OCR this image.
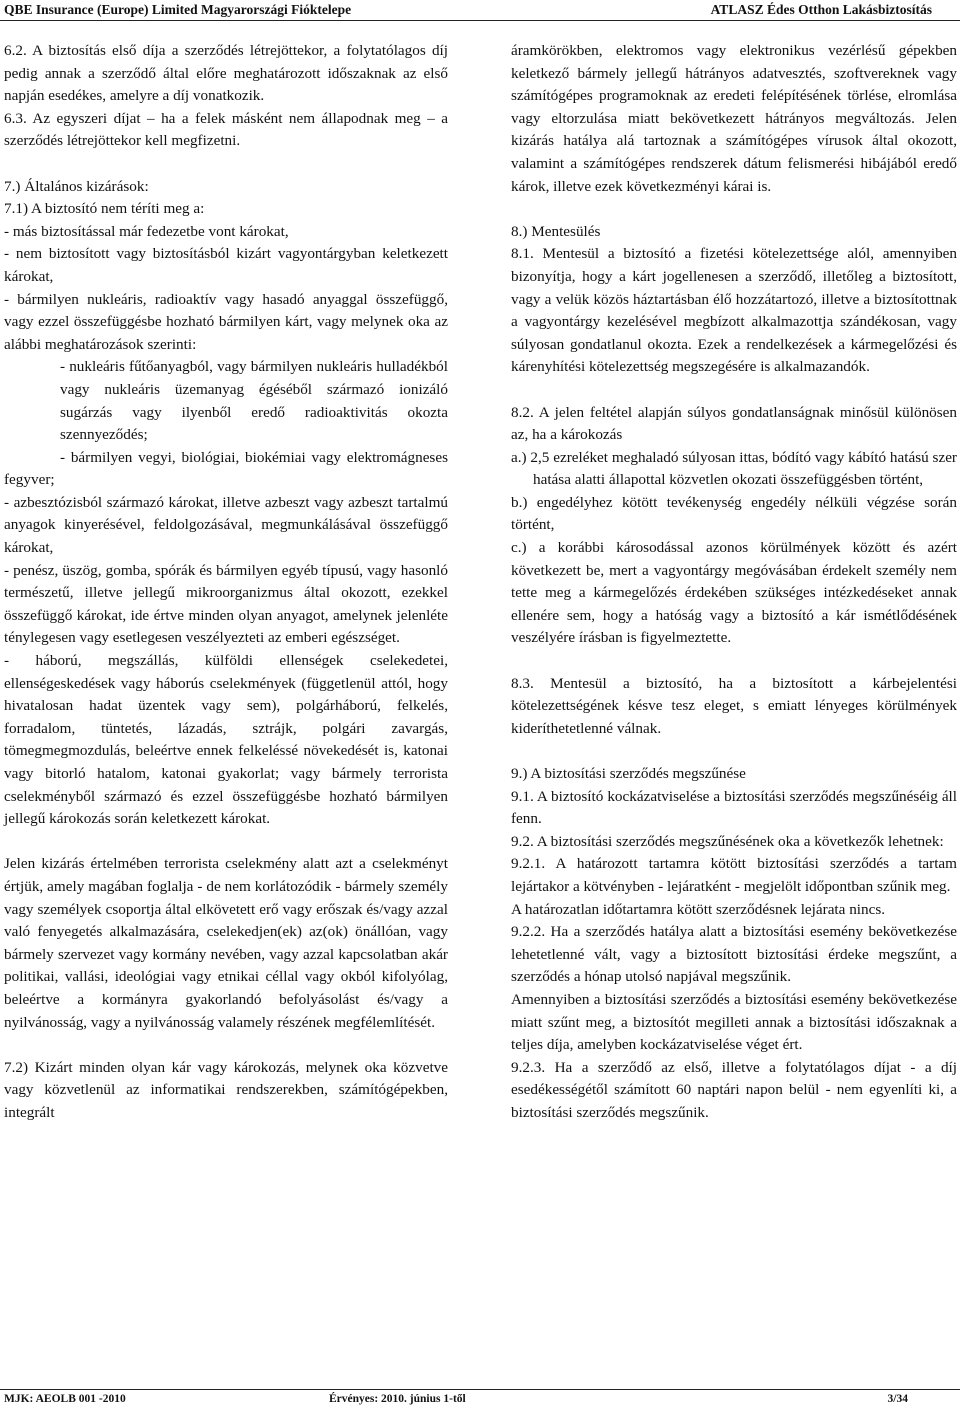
QBE Insurance (Europe) Limited Magyarországi Fióktelepe	ATLASZ Édes Otthon Lakásbiztosítás

6.2. A biztosítás első díja a szerződés létrejöttekor, a folytatólagos díj pedig annak a szerződő által előre meghatározott időszaknak az első napján esedékes, amelyre a díj vonatkozik.

6.3. Az egyszeri díjat – ha a felek másként nem állapodnak meg – a szerződés létrejöttekor kell megfizetni.

7.) Általános kizárások:

7.1) A biztosító nem téríti meg a:

- más biztosítással már fedezetbe vont károkat,

- nem biztosított vagy biztosításból kizárt vagyontárgyban keletkezett károkat,

- bármilyen nukleáris, radioaktív vagy hasadó anyaggal összefüggő, vagy ezzel összefüggésbe hozható bármilyen kárt, vagy melynek oka az alábbi meghatározások szerinti:

- nukleáris fűtőanyagból, vagy bármilyen nukleáris hulladékból vagy nukleáris üzemanyag égéséből származó ionizáló sugárzás vagy ilyenből eredő radioaktivitás okozta szennyeződés;

- bármilyen vegyi, biológiai, biokémiai vagy elektromágneses fegyver;

- azbesztózisból származó károkat, illetve azbeszt vagy azbeszt tartalmú anyagok kinyerésével, feldolgozásával, megmunkálásával összefüggő károkat,

- penész, üszög, gomba, spórák és bármilyen egyéb típusú, vagy hasonló természetű, illetve jellegű mikroorganizmus által okozott, ezekkel összefüggő károkat, ide értve minden olyan anyagot, amelynek jelenléte ténylegesen vagy esetlegesen veszélyezteti az emberi egészséget.

- háború, megszállás, külföldi ellenségek cselekedetei, ellenségeskedések vagy háborús cselekmények (függetlenül attól, hogy hivatalosan hadat üzentek vagy sem), polgárháború, felkelés, forradalom, tüntetés, lázadás, sztrájk, polgári zavargás, tömegmegmozdulás, beleértve ennek felkeléssé növekedését is, katonai vagy bitorló hatalom, katonai gyakorlat; vagy bármely terrorista cselekményből származó és ezzel összefüggésbe hozható bármilyen jellegű károkozás során keletkezett károkat.

Jelen kizárás értelmében terrorista cselekmény alatt azt a cselekményt értjük, amely magában foglalja - de nem korlátozódik - bármely személy vagy személyek csoportja által elkövetett erő vagy erőszak és/vagy azzal való fenyegetés alkalmazására, cselekedjen(ek) az(ok) önállóan, vagy bármely szervezet vagy kormány nevében, vagy azzal kapcsolatban akár politikai, vallási, ideológiai vagy etnikai céllal vagy okból kifolyólag, beleértve a kormányra gyakorlandó befolyásolást és/vagy a nyilvánosság, vagy a nyilvánosság valamely részének megfélemlítését.

7.2) Kizárt minden olyan kár vagy károkozás, melynek oka közvetve vagy közvetlenül az informatikai rendszerekben, számítógépekben, integrált

áramkörökben, elektromos vagy elektronikus vezérlésű gépekben keletkező bármely jellegű hátrányos adatvesztés, szoftvereknek vagy számítógépes programoknak az eredeti felépítésének törlése, elromlása vagy eltorzulása miatt bekövetkezett hátrányos megváltozás. Jelen kizárás hatálya alá tartoznak a számítógépes vírusok által okozott, valamint a számítógépes rendszerek dátum felismerési hibájából eredő károk, illetve ezek következményi kárai is.

8.) Mentesülés

8.1. Mentesül a biztosító a fizetési kötelezettsége alól, amennyiben bizonyítja, hogy a kárt jogellenesen a szerződő, illetőleg a biztosított, vagy a velük közös háztartásban élő hozzátartozó, illetve a biztosítottnak a vagyontárgy kezelésével megbízott alkalmazottja szándékosan, vagy súlyosan gondatlanul okozta. Ezek a rendelkezések a kármegelőzési és kárenyhítési kötelezettség megszegésére is alkalmazandók.

8.2. A jelen feltétel alapján súlyos gondatlanságnak minősül különösen az, ha a károkozás

a.) 2,5 ezreléket meghaladó súlyosan ittas, bódító vagy kábító hatású szer hatása alatti állapottal közvetlen okozati összefüggésben történt,

b.) engedélyhez kötött tevékenység engedély nélküli végzése során történt,

c.) a korábbi károsodással azonos körülmények között és azért következett be, mert a vagyontárgy megóvásában érdekelt személy nem tette meg a kármegelőzés érdekében szükséges intézkedéseket annak ellenére sem, hogy a hatóság vagy a biztosító a kár ismétlődésének veszélyére írásban is figyelmeztette.

8.3. Mentesül a biztosító, ha a biztosított a kárbejelentési kötelezettségének késve tesz eleget, s emiatt lényeges körülmények kideríthetetlenné válnak.

9.) A biztosítási szerződés megszűnése

9.1. A biztosító kockázatviselése a biztosítási szerződés megszűnéséig áll fenn.

9.2. A biztosítási szerződés megszűnésének oka a következők lehetnek:

9.2.1. A határozott tartamra kötött biztosítási szerződés a tartam lejártakor a kötvényben - lejáratként - megjelölt időpontban szűnik meg.

A határozatlan időtartamra kötött szerződésnek lejárata nincs.

9.2.2. Ha a szerződés hatálya alatt a biztosítási esemény bekövetkezése lehetetlenné vált, vagy a biztosított biztosítási érdeke megszűnt, a szerződés a hónap utolsó napjával megszűnik.

Amennyiben a biztosítási szerződés a biztosítási esemény bekövetkezése miatt szűnt meg, a biztosítót megilleti annak a biztosítási időszaknak a teljes díja, amelyben kockázatviselése véget ért.

9.2.3. Ha a szerződő az első, illetve a folytatólagos díjat - a díj esedékességétől számított 60 naptári napon belül - nem egyenlíti ki, a biztosítási szerződés megszűnik.

MJK: AEOLB 001 -2010	Érvényes: 2010. június 1-től	3/34
